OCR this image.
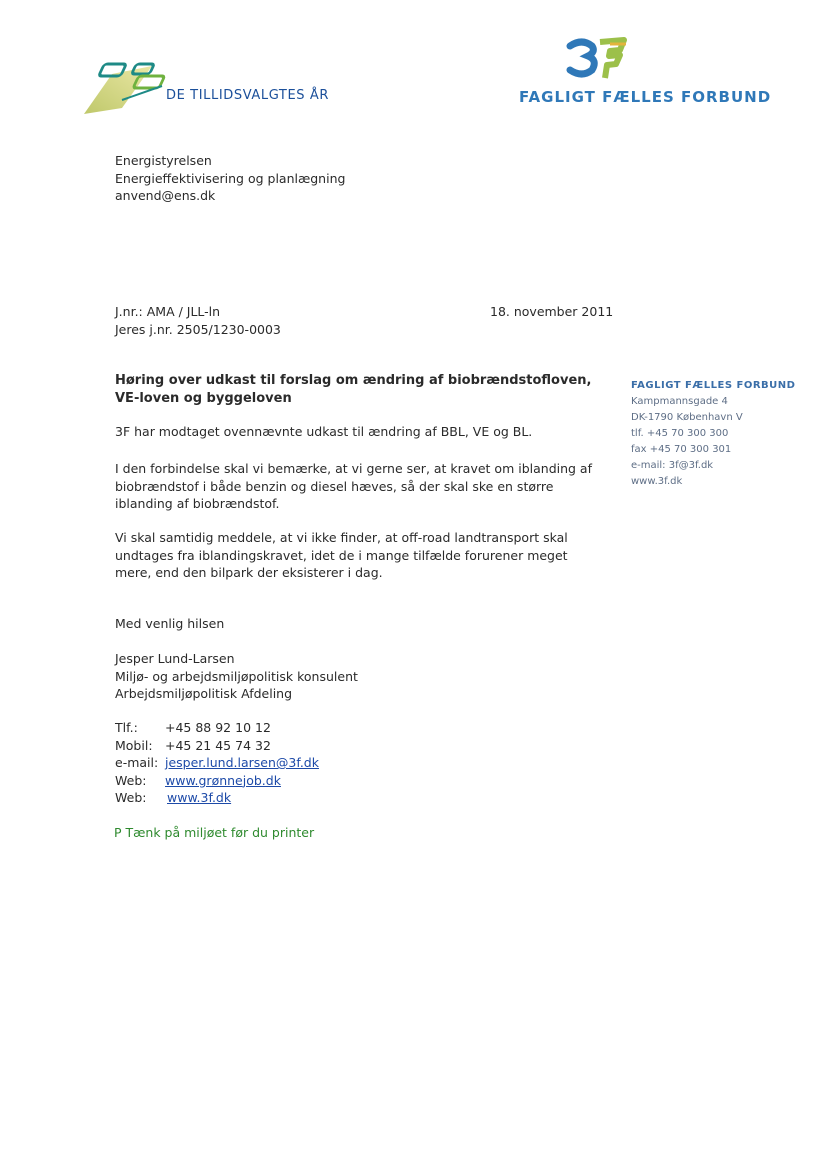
DE TILLIDSVALGTES ÅR	FAGLIGT FÆLLES FORBUND
Energistyrelsen
Energieffektivisering og planlægning
anvend@ens.dk
J.nr.: AMA / JLL-ln
Jeres j.nr. 2505/1230-0003
18. november 2011
Høring over udkast til forslag om ændring af biobrændstofloven,
VE-loven og byggeloven
3F har modtaget ovennævnte udkast til ændring af BBL, VE og BL.
I den forbindelse skal vi bemærke, at vi gerne ser, at kravet om iblanding af
biobrændstof i både benzin og diesel hæves, så der skal ske en større
iblanding af biobrændstof.
Vi skal samtidig meddele, at vi ikke finder, at off-road landtransport skal
undtages fra iblandingskravet, idet de i mange tilfælde forurener meget
mere, end den bilpark der eksisterer i dag.
Med venlig hilsen
Jesper Lund-Larsen
Miljø- og arbejdsmiljøpolitisk konsulent
Arbejdsmiljøpolitisk Afdeling
Tlf.:	+45 88 92 10 12
Mobil: +45 21 45 74 32
e-mail: jesper.lund.larsen@3f.dk
Web:	www.grønnejob.dk
Web:	www.3f.dk
P Tænk på miljøet før du printer
FAGLIGT FÆLLES FORBUND
Kampmannsgade 4
DK-1790 København V
tlf. +45 70 300 300
fax +45 70 300 301
e-mail: 3f@3f.dk
www.3f.dk
